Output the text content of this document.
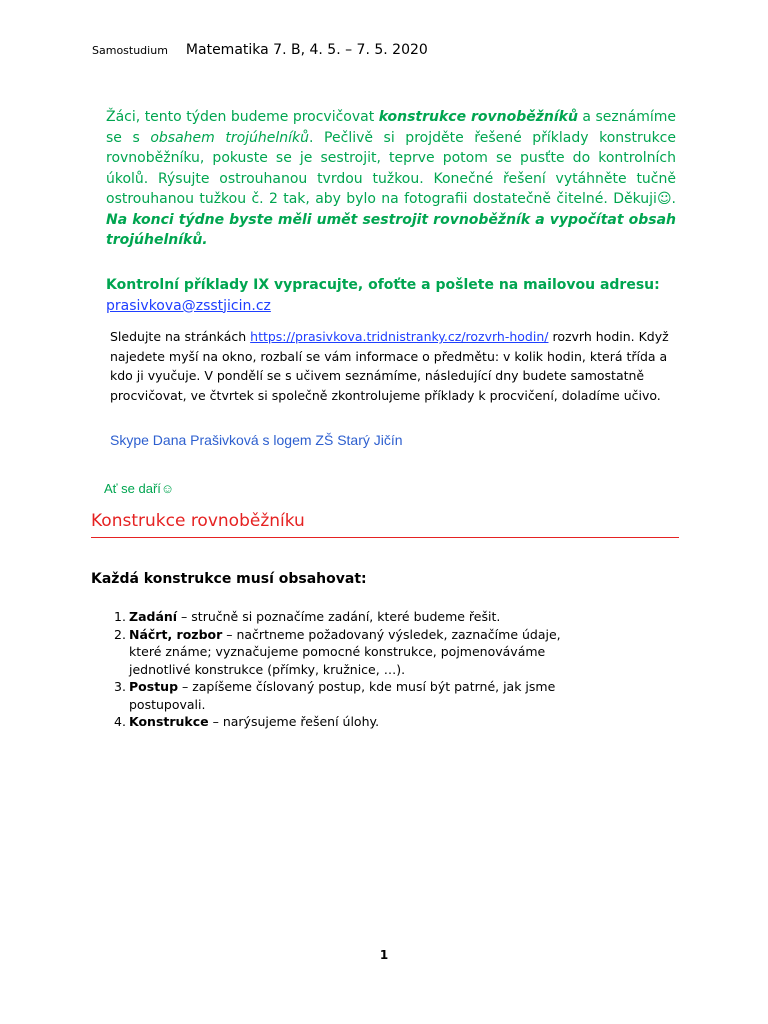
Samostudium Matematika 7. B, 4. 5. – 7. 5. 2020
Žáci, tento týden budeme procvičovat konstrukce rovnoběžníků a seznámíme se s obsahem trojúhelníků. Pečlivě si projděte řešené příklady konstrukce rovnoběžníku, pokuste se je sestrojit, teprve potom se pusťte do kontrolních úkolů. Rýsujte ostrouhanou tvrdou tužkou. Konečné řešení vytáhněte tučně ostrouhanou tužkou č. 2 tak, aby bylo na fotografii dostatečně čitelné. Děkuji☺. Na konci týdne byste měli umět sestrojit rovnoběžník a vypočítat obsah trojúhelníků.
Kontrolní příklady IX vypracujte, ofoťte a pošlete na mailovou adresu:
prasivkova@zsstjicin.cz
Sledujte na stránkách https://prasivkova.tridnistranky.cz/rozvrh-hodin/ rozvrh hodin. Když najedete myší na okno, rozbalí se vám informace o předmětu: v kolik hodin, která třída a kdo ji vyučuje. V pondělí se s učivem seznámíme, následující dny budete samostatně procvičovat, ve čtvrtek si společně zkontrolujeme příklady k procvičení, doladíme učivo.
Skype Dana Prašivková s logem ZŠ Starý Jičín
Ať se daří☺
Konstrukce rovnoběžníku
Každá konstrukce musí obsahovat:
1. Zadání – stručně si poznačíme zadání, které budeme řešit.
2. Náčrt, rozbor – načrtneme požadovaný výsledek, zaznačíme údaje, které známe; vyznačujeme pomocné konstrukce, pojmenováváme jednotlivé konstrukce (přímky, kružnice, …).
3. Postup – zapíšeme číslovaný postup, kde musí být patrné, jak jsme postupovali.
4. Konstrukce – narýsujeme řešení úlohy.
1
